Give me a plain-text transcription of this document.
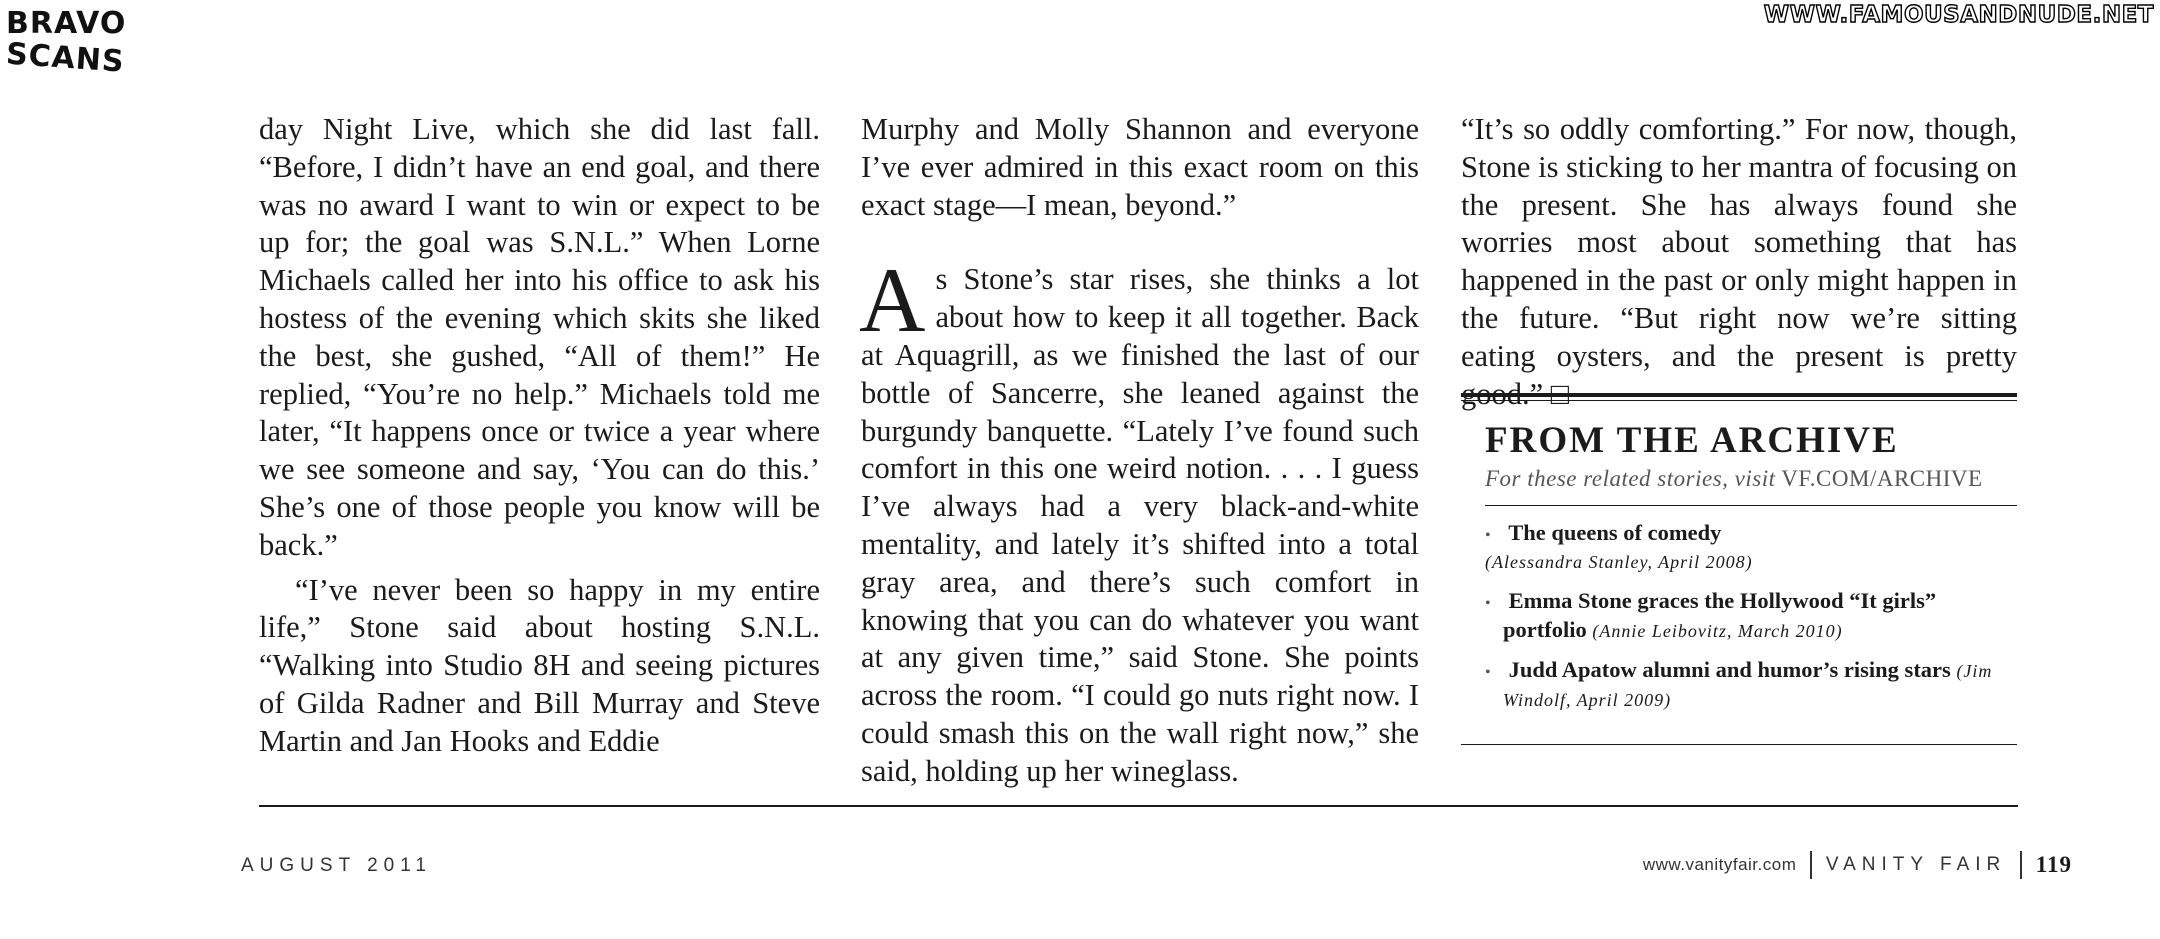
BRAVO
SCANS
WWW.FAMOUSANDNUDE.NET

day Night Live, which she did last fall. “Before, I didn’t have an end goal, and there was no award I want to win or expect to be up for; the goal was S.N.L.” When Lorne Michaels called her into his office to ask his hostess of the evening which skits she liked the best, she gushed, “All of them!” He replied, “You’re no help.” Michaels told me later, “It happens once or twice a year where we see someone and say, ‘You can do this.’ She’s one of those people you know will be back.”

“I’ve never been so happy in my entire life,” Stone said about hosting S.N.L. “Walking into Studio 8H and seeing pictures of Gilda Radner and Bill Murray and Steve Martin and Jan Hooks and Eddie

Murphy and Molly Shannon and everyone I’ve ever admired in this exact room on this exact stage—I mean, beyond.”

As Stone’s star rises, she thinks a lot about how to keep it all together. Back at Aquagrill, as we finished the last of our bottle of Sancerre, she leaned against the burgundy banquette. “Lately I’ve found such comfort in this one weird notion. . . . I guess I’ve always had a very black-and-white mentality, and lately it’s shifted into a total gray area, and there’s such comfort in knowing that you can do whatever you want at any given time,” said Stone. She points across the room. “I could go nuts right now. I could smash this on the wall right now,” she said, holding up her wineglass.

“It’s so oddly comforting.” For now, though, Stone is sticking to her mantra of focusing on the present. She has always found she worries most about something that has happened in the past or only might happen in the future. “But right now we’re sitting eating oysters, and the present is pretty good.” □

FROM THE ARCHIVE
For these related stories, visit VF.COM/ARCHIVE
• The queens of comedy
(Alessandra Stanley, April 2008)
• Emma Stone graces the Hollywood “It girls” portfolio (Annie Leibovitz, March 2010)
• Judd Apatow alumni and humor’s rising stars (Jim Windolf, April 2009)
AUGUST 2011	www.vanityfair.com VANITY FAIR 119
